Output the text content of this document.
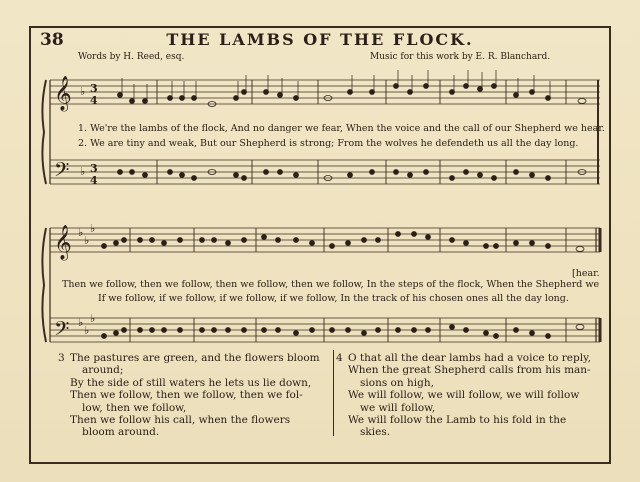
𝄞
𝄢
𝄞
𝄢
♭
♭
♭
♭
♭
♭
♭
♭
3
4
3
4
38	THE LAMBS OF THE FLOCK.
Words by H. Reed, esq.	Music for this work by E. R. Blanchard.
1. We're the lambs of the flock, And no danger we fear, When the voice and the call of our Shepherd we hear.
2. We are tiny and weak, But our Shepherd is strong; From the wolves he defendeth us all the day long.
Then we follow, then we follow, then we follow, then we follow, In the steps of the flock, When the Shepherd we
[hear.
If we follow, if we follow, if we follow, if we follow, In the track of his chosen ones all the day long.
3 The pastures are green, and the flowers bloom
around;
By the side of still waters he lets us lie down,
Then we follow, then we follow, then we fol-
low, then we follow,
Then we follow his call, when the flowers
bloom around.
4 O that all the dear lambs had a voice to reply,
When the great Shepherd calls from his man-
sions on high,
We will follow, we will follow, we will follow
we will follow,
We will follow the Lamb to his fold in the
skies.
